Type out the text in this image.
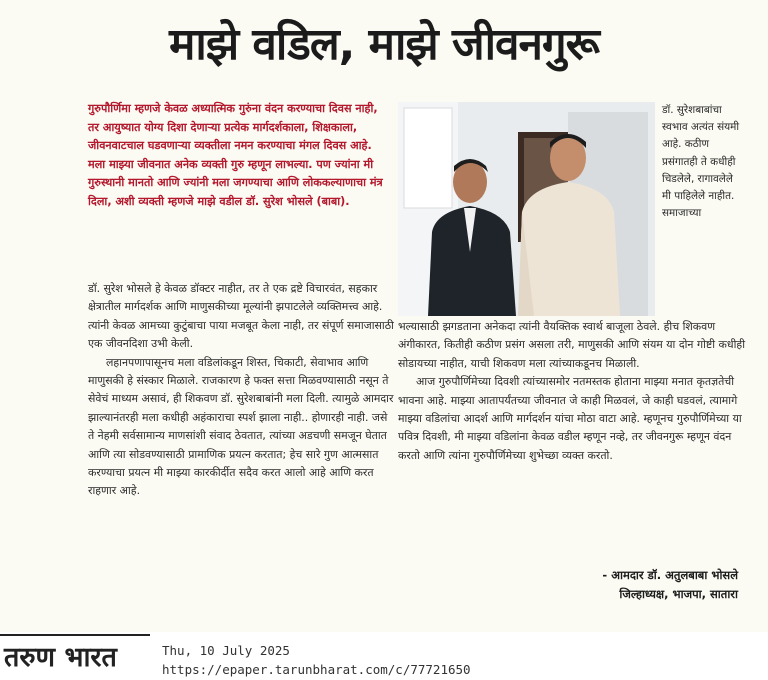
माझे वडिल, माझे जीवनगुरू

गुरुपौर्णिमा म्हणजे केवळ अध्यात्मिक गुरुंना वंदन करण्याचा दिवस नाही, तर आयुष्यात योग्य दिशा देणाऱ्या प्रत्येक मार्गदर्शकाला, शिक्षकाला, जीवनवाटचाल घडवणाऱ्या व्यक्तीला नमन करण्याचा मंगल दिवस आहे. मला माझ्या जीवनात अनेक व्यक्ती गुरु म्हणून लाभल्या. पण ज्यांना मी गुरुस्थानी मानतो आणि ज्यांनी मला जगण्याचा आणि लोककल्याणाचा मंत्र दिला, अशी व्यक्ती म्हणजे माझे वडील डॉ. सुरेश भोसले (बाबा).

डॉ. सुरेश भोसले हे केवळ डॉक्टर नाहीत, तर ते एक द्रष्टे विचारवंत, सहकार क्षेत्रातील मार्गदर्शक आणि माणुसकीच्या मूल्यांनी झपाटलेले व्यक्तिमत्त्व आहे. त्यांनी केवळ आमच्या कुटुंबाचा पाया मजबूत केला नाही, तर संपूर्ण समाजासाठी एक जीवनदिशा उभी केली.

लहानपणापासूनच मला वडिलांकडून शिस्त, चिकाटी, सेवाभाव आणि माणुसकी हे संस्कार मिळाले. राजकारण हे फक्त सत्ता मिळवण्यासाठी नसून ते सेवेचं माध्यम असावं, ही शिकवण डॉ. सुरेशबाबांनी मला दिली. त्यामुळे आमदार झाल्यानंतरही मला कधीही अहंकाराचा स्पर्श झाला नाही.. होणारही नाही. जसे ते नेहमी सर्वसामान्य माणसांशी संवाद ठेवतात, त्यांच्या अडचणी समजून घेतात आणि त्या सोडवण्यासाठी प्रामाणिक प्रयत्न करतात; हेच सारे गुण आत्मसात करण्याचा प्रयत्न मी माझ्या कारकीर्दीत सदैव करत आलो आहे आणि करत राहणार आहे.

डॉ. सुरेशबाबांचा स्वभाव अत्यंत संयमी आहे. कठीण प्रसंगातही ते कधीही चिडलेले, रागावलेले मी पाहिलेले नाहीत. समाजाच्या

भल्यासाठी झगडताना अनेकदा त्यांनी वैयक्तिक स्वार्थ बाजूला ठेवले. हीच शिकवण अंगीकारत, कितीही कठीण प्रसंग असला तरी, माणुसकी आणि संयम या दोन गोष्टी कधीही सोडायच्या नाहीत, याची शिकवण मला त्यांच्याकडूनच मिळाली.

आज गुरुपौर्णिमेच्या दिवशी त्यांच्यासमोर नतमस्तक होताना माझ्या मनात कृतज्ञतेची भावना आहे. माझ्या आतापर्यंतच्या जीवनात जे काही मिळवलं, जे काही घडवलं, त्यामागे माझ्या वडिलांचा आदर्श आणि मार्गदर्शन यांचा मोठा वाटा आहे. म्हणूनच गुरुपौर्णिमेच्या या पवित्र दिवशी, मी माझ्या वडिलांना केवळ वडील म्हणून नव्हे, तर जीवनगुरू म्हणून वंदन करतो आणि त्यांना गुरुपौर्णिमेच्या शुभेच्छा व्यक्त करतो.

- आमदार डॉ. अतुलबाबा भोसले
जिल्हाध्यक्ष, भाजपा, सातारा
तरुण भारत	Thu, 10 July 2025
https://epaper.tarunbharat.com/c/77721650
